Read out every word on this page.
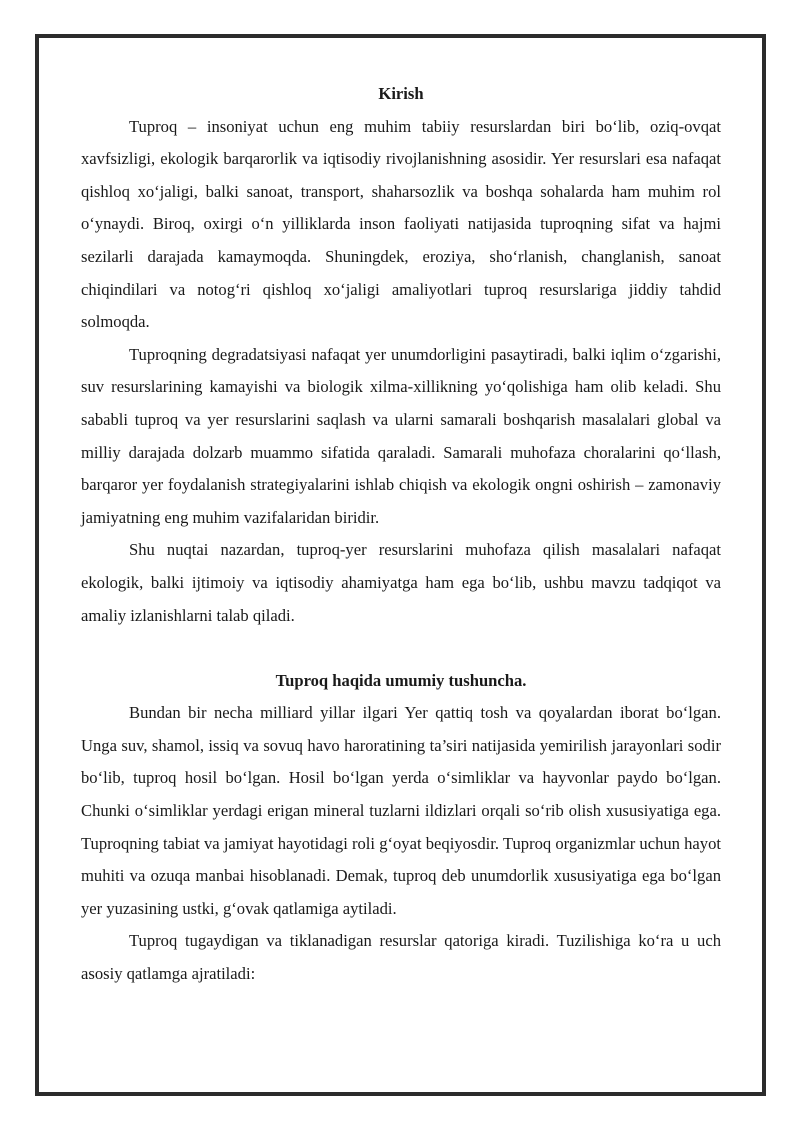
Kirish

Tuproq – insoniyat uchun eng muhim tabiiy resurslardan biri bo‘lib, oziq-ovqat xavfsizligi, ekologik barqarorlik va iqtisodiy rivojlanishning asosidir. Yer resurslari esa nafaqat qishloq xo‘jaligi, balki sanoat, transport, shaharsozlik va boshqa sohalarda ham muhim rol o‘ynaydi. Biroq, oxirgi o‘n yilliklarda inson faoliyati natijasida tuproqning sifat va hajmi sezilarli darajada kamaymoqda. Shuningdek, eroziya, sho‘rlanish, changlanish, sanoat chiqindilari va notog‘ri qishloq xo‘jaligi amaliyotlari tuproq resurslariga jiddiy tahdid solmoqda.

Tuproqning degradatsiyasi nafaqat yer unumdorligini pasaytiradi, balki iqlim o‘zgarishi, suv resurslarining kamayishi va biologik xilma-xillikning yo‘qolishiga ham olib keladi. Shu sababli tuproq va yer resurslarini saqlash va ularni samarali boshqarish masalalari global va milliy darajada dolzarb muammo sifatida qaraladi. Samarali muhofaza choralarini qo‘llash, barqaror yer foydalanish strategiyalarini ishlab chiqish va ekologik ongni oshirish – zamonaviy jamiyatning eng muhim vazifalaridan biridir.

Shu nuqtai nazardan, tuproq-yer resurslarini muhofaza qilish masalalari nafaqat ekologik, balki ijtimoiy va iqtisodiy ahamiyatga ham ega bo‘lib, ushbu mavzu tadqiqot va amaliy izlanishlarni talab qiladi.

Tuproq haqida umumiy tushuncha.

Bundan bir necha milliard yillar ilgari Yer qattiq tosh va qoyalardan iborat bo‘lgan. Unga suv, shamol, issiq va sovuq havo haroratining ta’siri natijasida yemirilish jarayonlari sodir bo‘lib, tuproq hosil bo‘lgan. Hosil bo‘lgan yerda o‘simliklar va hayvonlar paydo bo‘lgan. Chunki o‘simliklar yerdagi erigan mineral tuzlarni ildizlari orqali so‘rib olish xususiyatiga ega. Tuproqning tabiat va jamiyat hayotidagi roli g‘oyat beqiyosdir. Tuproq organizmlar uchun hayot muhiti va ozuqa manbai hisoblanadi. Demak, tuproq deb unumdorlik xususiyatiga ega bo‘lgan yer yuzasining ustki, g‘ovak qatlamiga aytiladi.

Tuproq tugaydigan va tiklanadigan resurslar qatoriga kiradi. Tuzilishiga ko‘ra u uch asosiy qatlamga ajratiladi:
